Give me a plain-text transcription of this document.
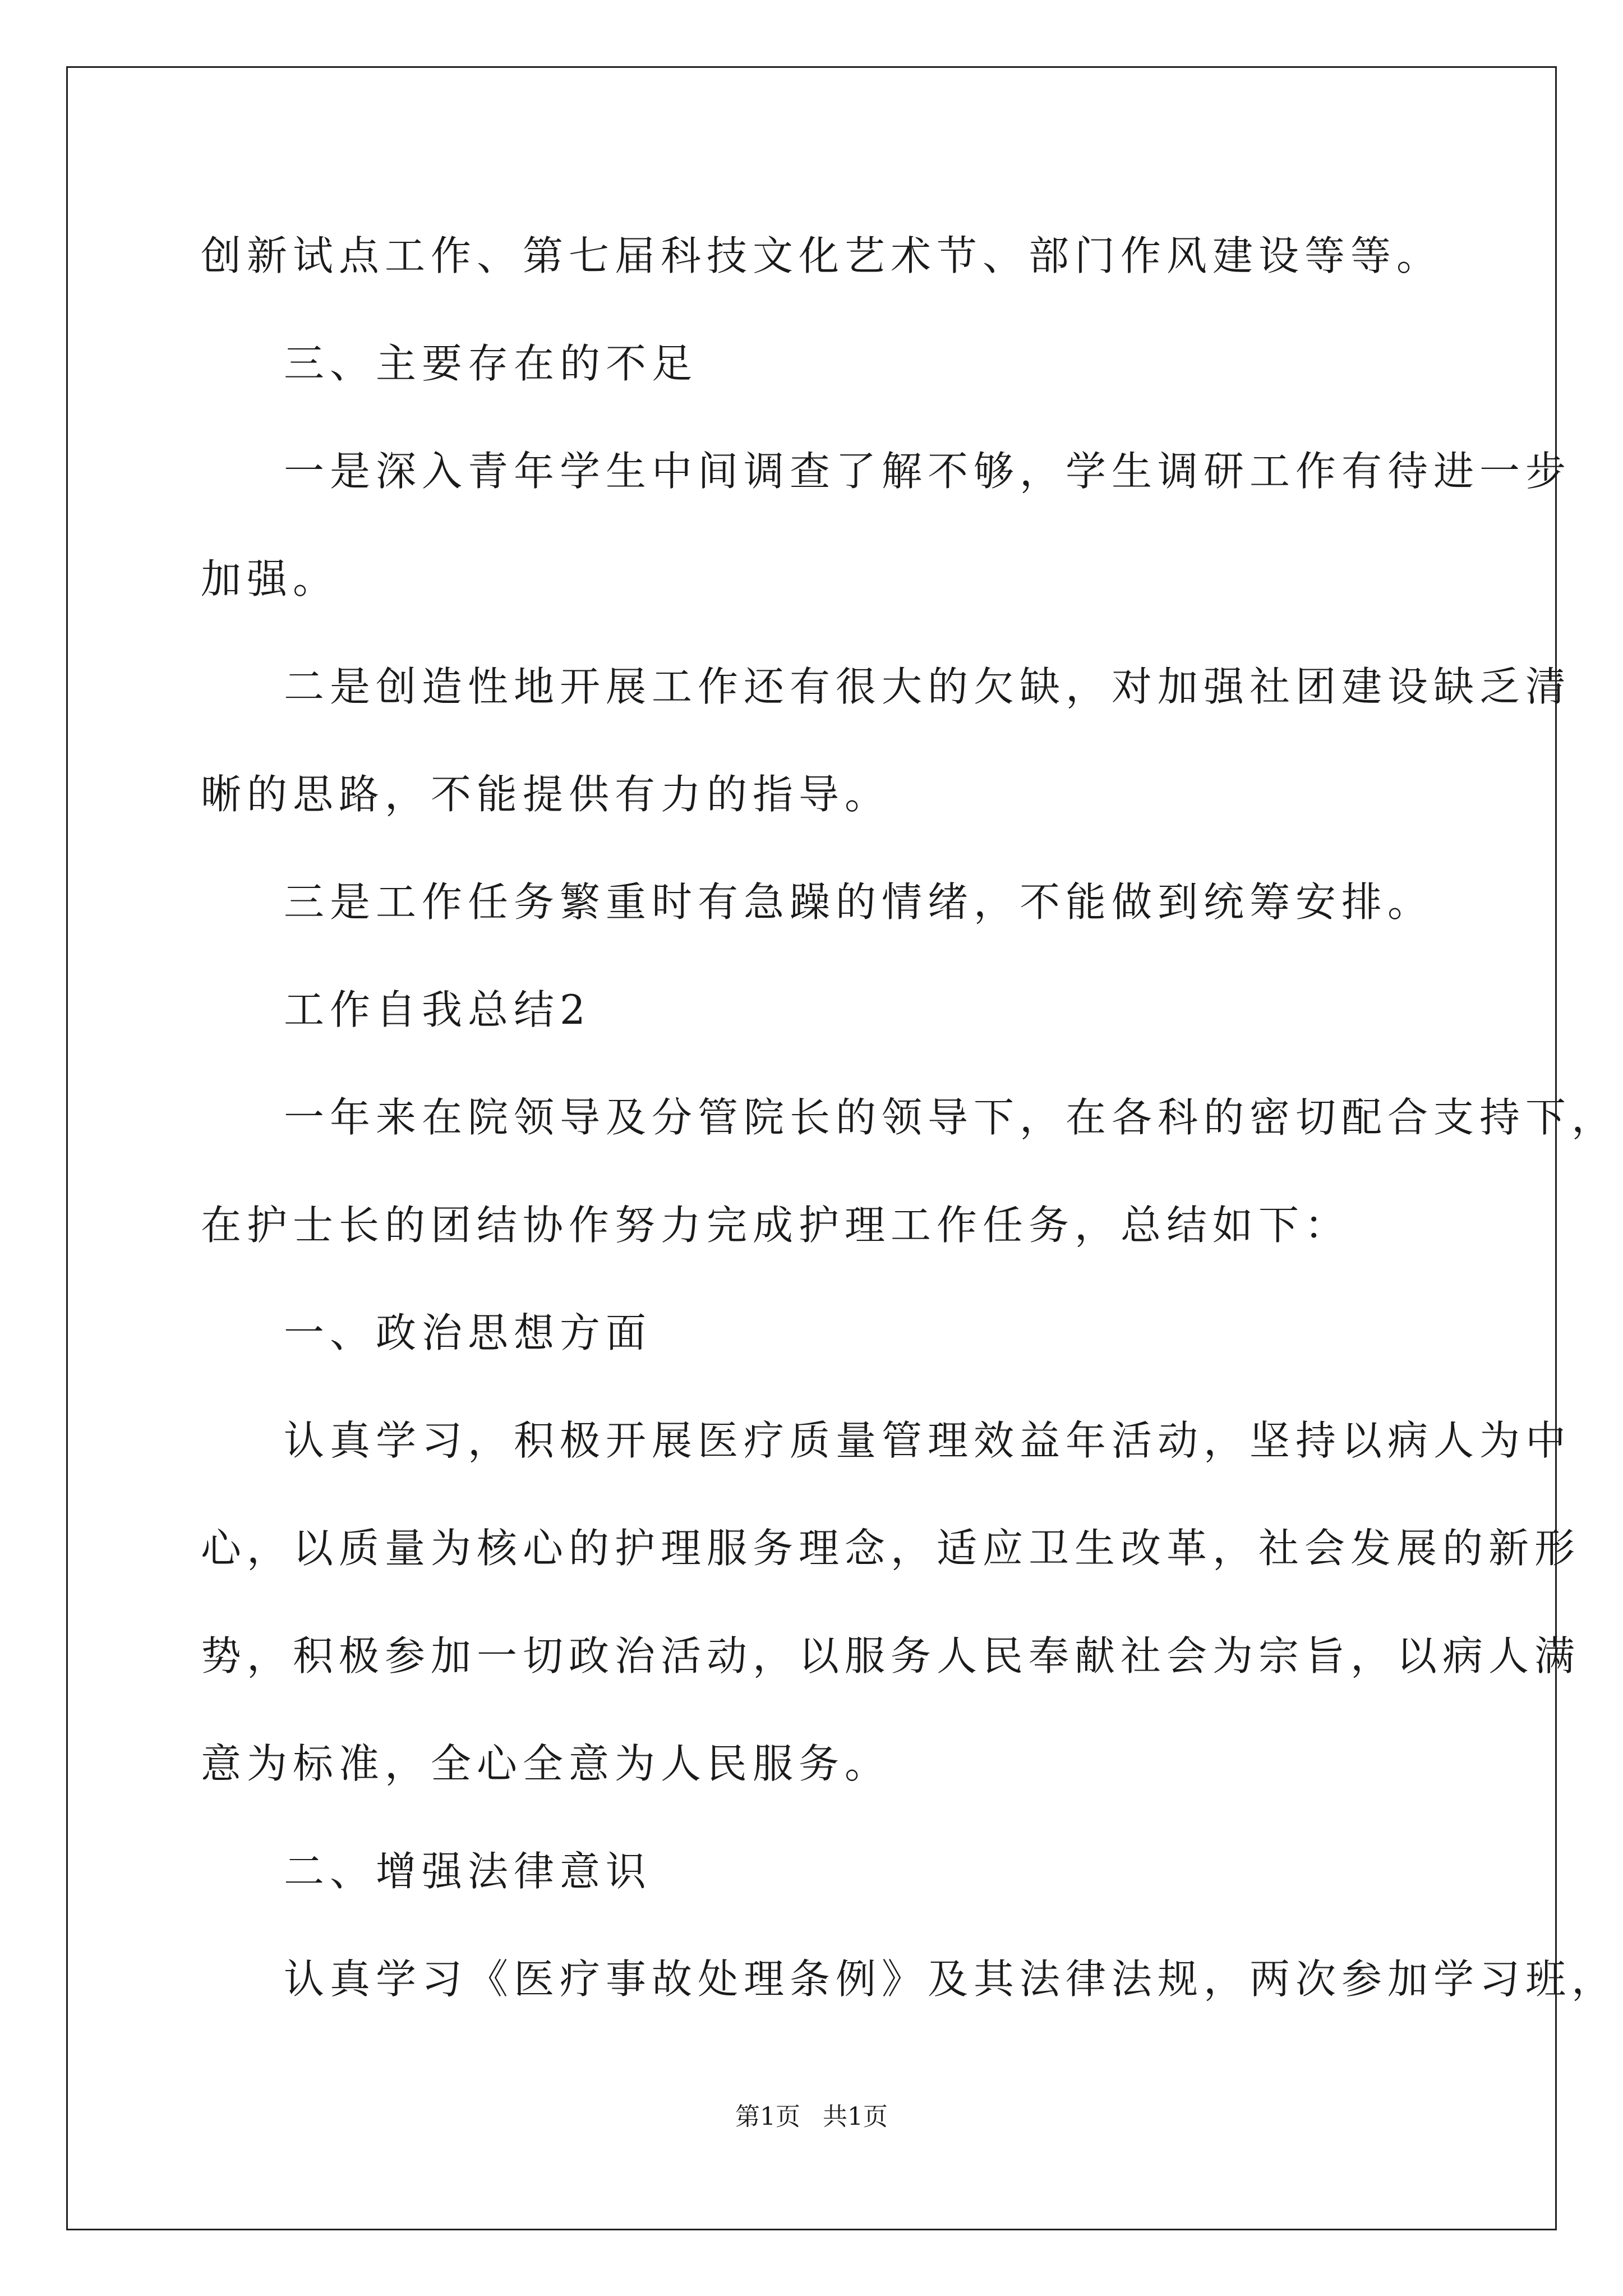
创新试点工作、第七届科技文化艺术节、部门作风建设等等。

三、主要存在的不足

一是深入青年学生中间调查了解不够，学生调研工作有待进一步

加强。

二是创造性地开展工作还有很大的欠缺，对加强社团建设缺乏清

晰的思路，不能提供有力的指导。

三是工作任务繁重时有急躁的情绪，不能做到统筹安排。

工作自我总结2

一年来在院领导及分管院长的领导下，在各科的密切配合支持下，

在护士长的团结协作努力完成护理工作任务，总结如下：

一、政治思想方面

认真学习，积极开展医疗质量管理效益年活动，坚持以病人为中

心，以质量为核心的护理服务理念，适应卫生改革，社会发展的新形

势，积极参加一切政治活动，以服务人民奉献社会为宗旨，以病人满

意为标准，全心全意为人民服务。

二、增强法律意识

认真学习《医疗事故处理条例》及其法律法规，两次参加学习班，

第1页 共1页
